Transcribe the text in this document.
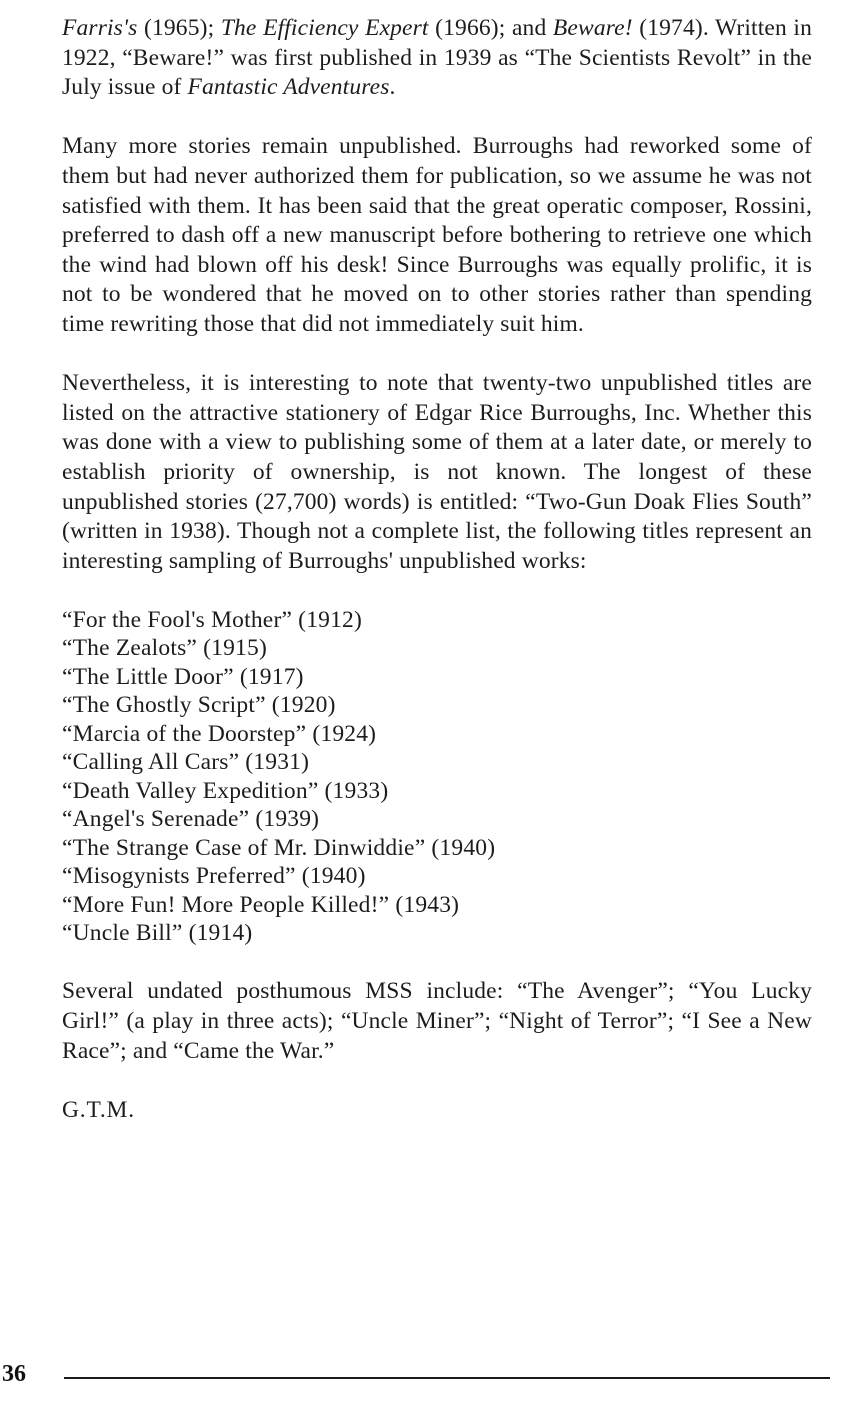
Farris's (1965); The Efficiency Expert (1966); and Beware! (1974). Written in 1922, “Beware!” was first published in 1939 as “The Scientists Revolt” in the July issue of Fantastic Adventures.

Many more stories remain unpublished. Burroughs had reworked some of them but had never authorized them for publication, so we assume he was not satisfied with them. It has been said that the great operatic composer, Rossini, preferred to dash off a new manuscript before bothering to retrieve one which the wind had blown off his desk! Since Burroughs was equally prolific, it is not to be wondered that he moved on to other stories rather than spending time rewriting those that did not immediately suit him.

Nevertheless, it is interesting to note that twenty-two unpublished titles are listed on the attractive stationery of Edgar Rice Burroughs, Inc. Whether this was done with a view to publishing some of them at a later date, or merely to establish priority of ownership, is not known. The longest of these unpublished stories (27,700) words) is entitled: “Two-Gun Doak Flies South” (written in 1938). Though not a complete list, the following titles represent an interesting sampling of Burroughs' unpublished works:

“For the Fool's Mother” (1912)
“The Zealots” (1915)
“The Little Door” (1917)
“The Ghostly Script” (1920)
“Marcia of the Doorstep” (1924)
“Calling All Cars” (1931)
“Death Valley Expedition” (1933)
“Angel's Serenade” (1939)
“The Strange Case of Mr. Dinwiddie” (1940)
“Misogynists Preferred” (1940)
“More Fun! More People Killed!” (1943)
“Uncle Bill” (1914)

Several undated posthumous MSS include: “The Avenger”; “You Lucky Girl!” (a play in three acts); “Uncle Miner”; “Night of Terror”; “I See a New Race”; and “Came the War.”

G.T.M.

36
